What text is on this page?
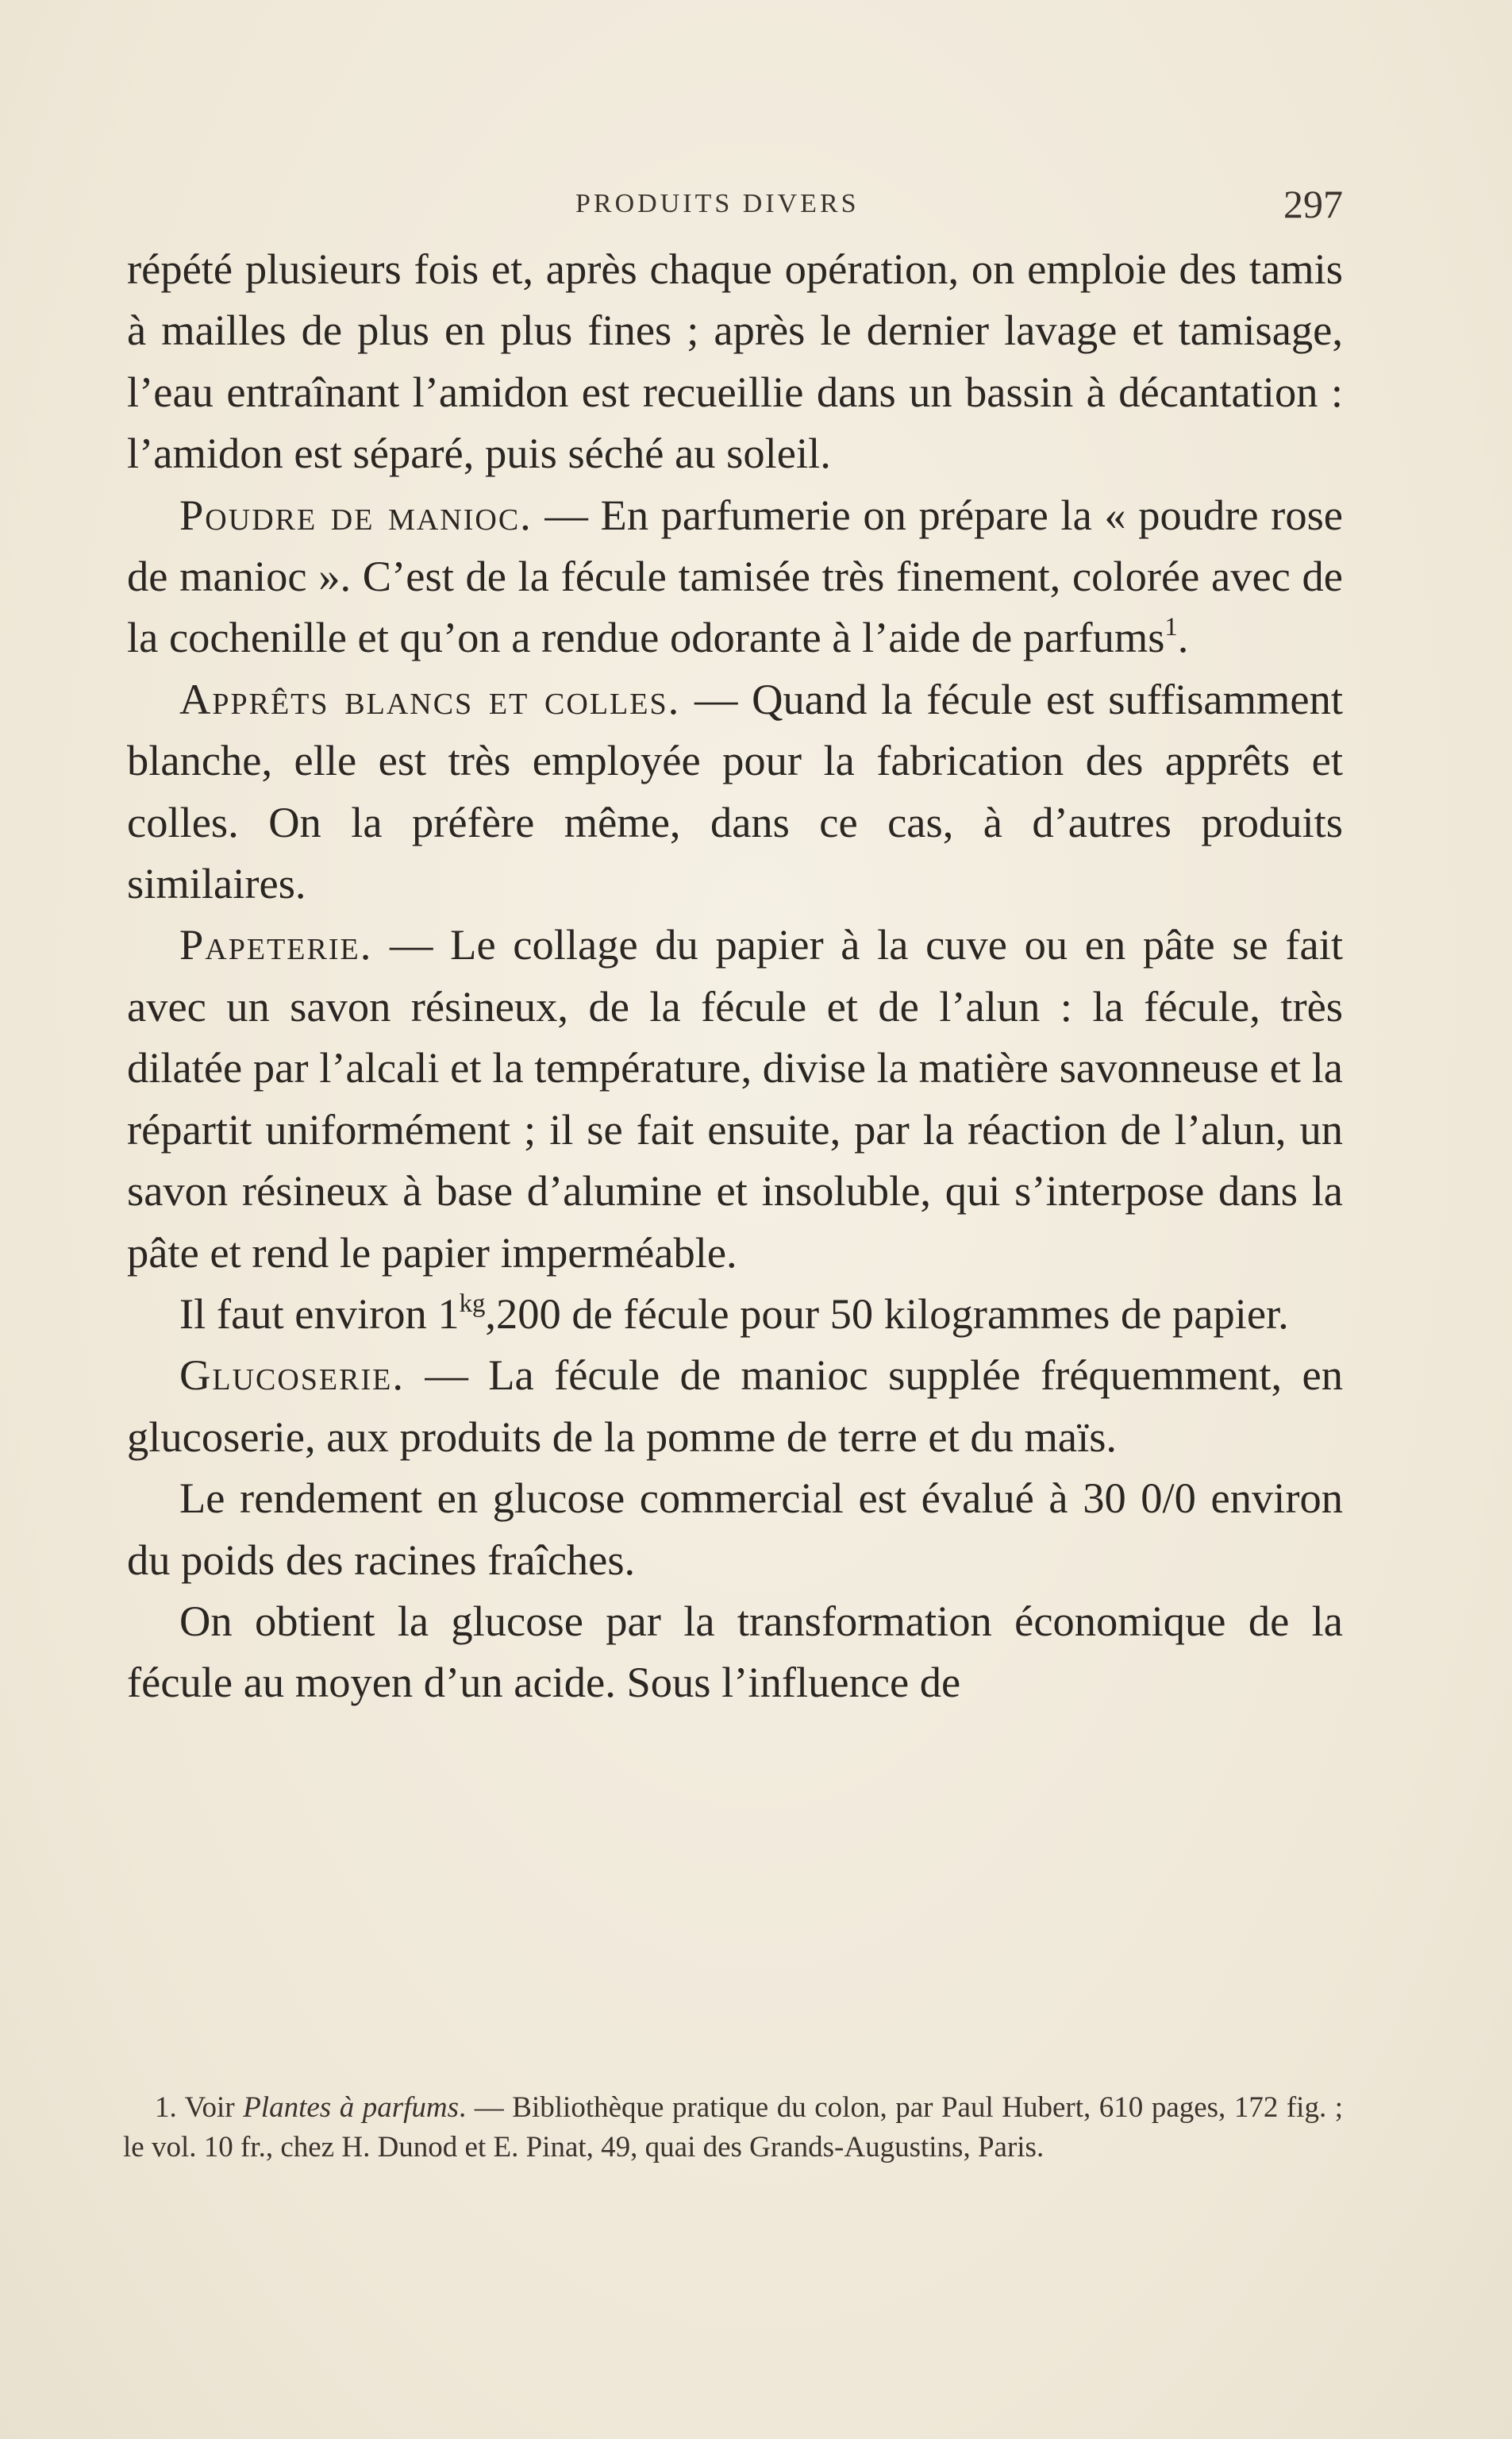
PRODUITS DIVERS	297

répété plusieurs fois et, après chaque opération, on emploie des tamis à mailles de plus en plus fines ; après le dernier lavage et tamisage, l’eau entraînant l’amidon est recueillie dans un bassin à décantation : l’amidon est séparé, puis séché au soleil.

Poudre de manioc. — En parfumerie on prépare la « poudre rose de manioc ». C’est de la fécule tamisée très finement, colorée avec de la cochenille et qu’on a rendue odorante à l’aide de parfums$^1$.

Apprêts blancs et colles. — Quand la fécule est suffisamment blanche, elle est très employée pour la fabrication des apprêts et colles. On la préfère même, dans ce cas, à d’autres produits similaires.

Papeterie. — Le collage du papier à la cuve ou en pâte se fait avec un savon résineux, de la fécule et de l’alun : la fécule, très dilatée par l’alcali et la température, divise la matière savonneuse et la répartit uniformément ; il se fait ensuite, par la réaction de l’alun, un savon résineux à base d’alumine et insoluble, qui s’interpose dans la pâte et rend le papier imperméable.

Il faut environ $1^{kg},200$ de fécule pour 50 kilogrammes de papier.

Glucoserie. — La fécule de manioc supplée fréquemment, en glucoserie, aux produits de la pomme de terre et du maïs.

Le rendement en glucose commercial est évalué à 30 0/0 environ du poids des racines fraîches.

On obtient la glucose par la transformation économique de la fécule au moyen d’un acide. Sous l’influence de

1. Voir Plantes à parfums. — Bibliothèque pratique du colon, par Paul Hubert, 610 pages, 172 fig. ; le vol. 10 fr., chez H. Dunod et E. Pinat, 49, quai des Grands-Augustins, Paris.
